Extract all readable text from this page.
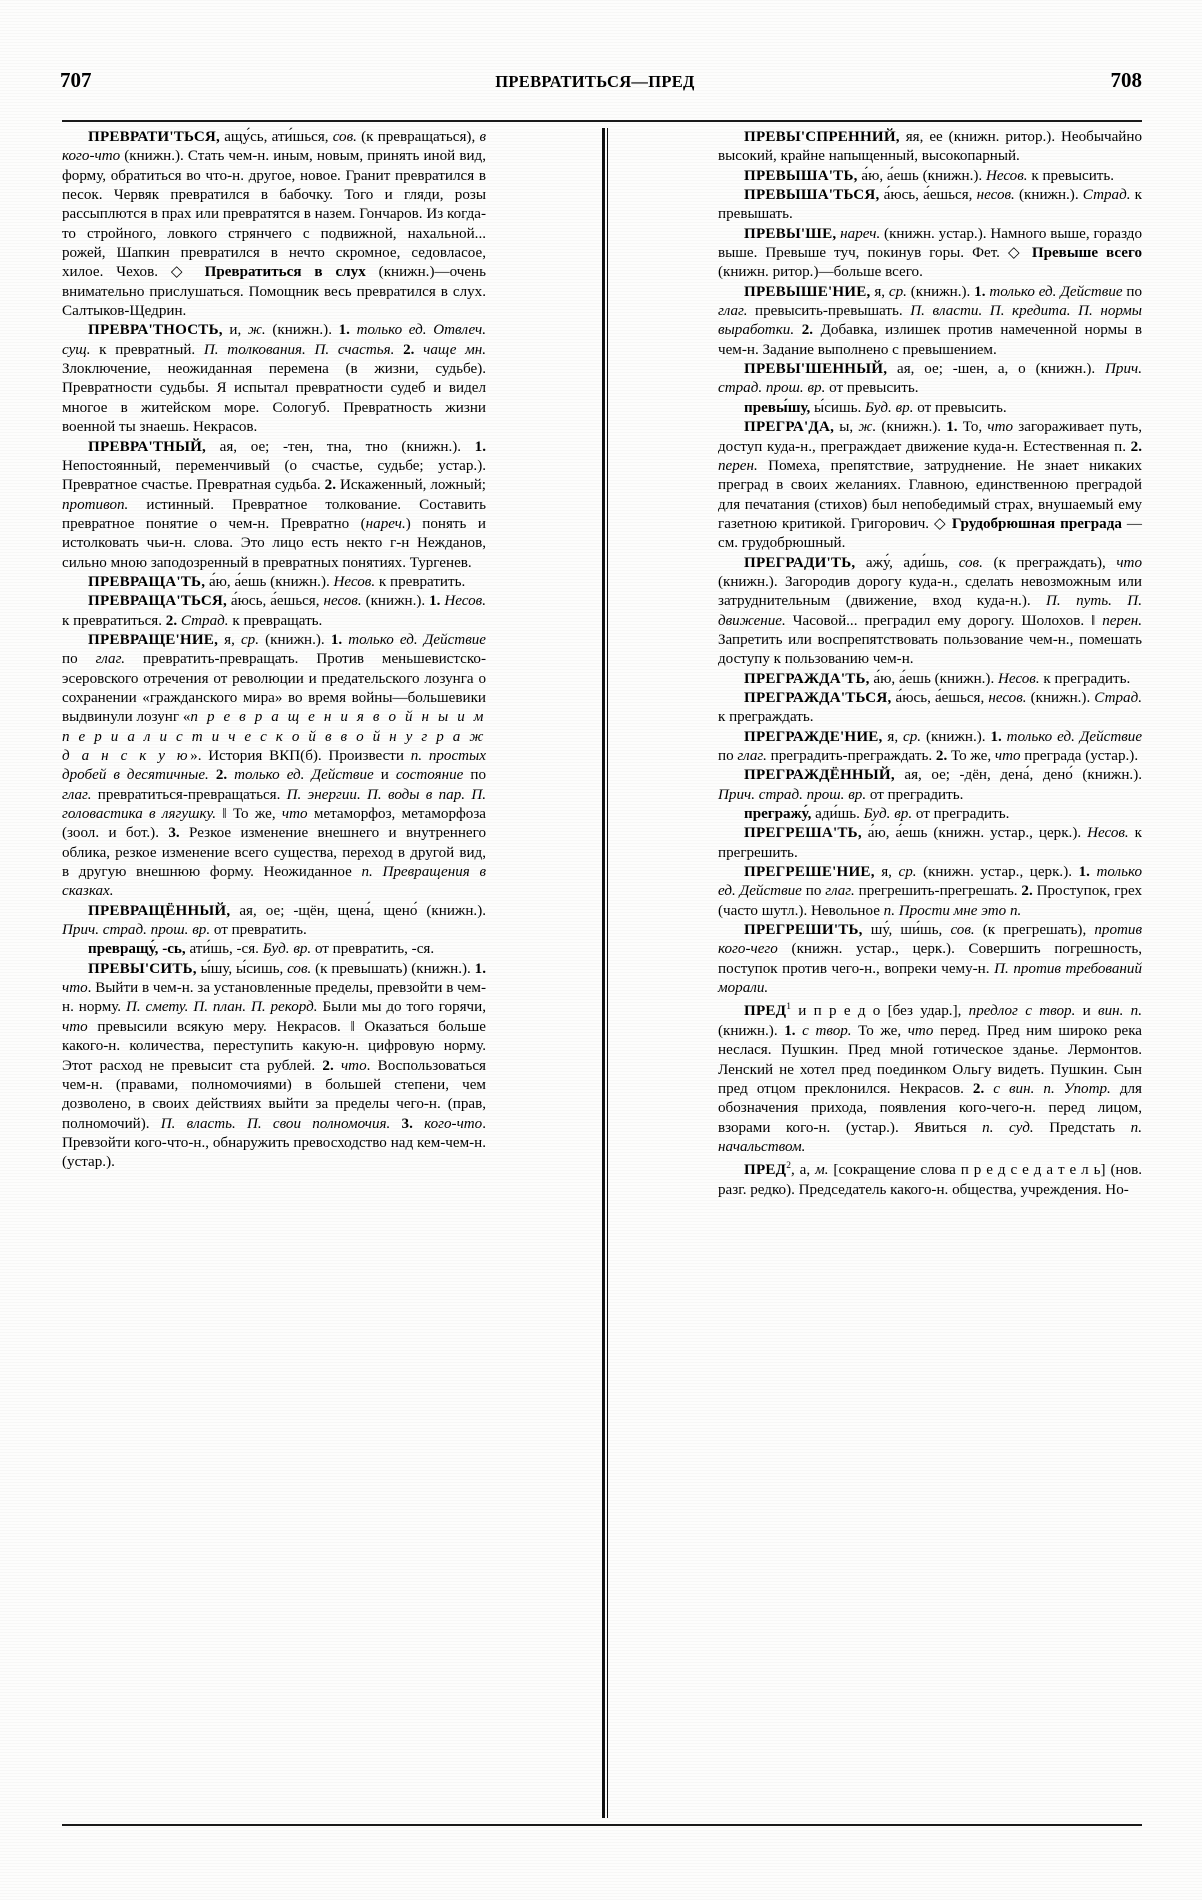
707	ПРЕВРАТИТЬСЯ—ПРЕД	708

ПРЕВРАТИ'ТЬСЯ, ащу́сь, ати́шься, сов. (к превращаться), в кого-что (книжн.). Стать чем-н. иным, новым, принять иной вид, форму, обратиться во что-н. другое, новое. Гранит превратился в песок. Червяк превратился в бабочку. Того и гляди, розы рассыплются в прах или превратятся в назем. Гончаров. Из когда-то стройного, ловкого стрянчего с подвижной, нахальной... рожей, Шапкин превратился в нечто скромное, седовласое, хилое. Чехов. ◇ Превратиться в слух (книжн.)—очень внимательно прислушаться. Помощник весь превратился в слух. Салтыков-Щедрин.

ПРЕВРА'ТНОСТЬ, и, ж. (книжн.). 1. только ед. Отвлеч. сущ. к превратный. П. толкования. П. счастья. 2. чаще мн. Злоключение, неожиданная перемена (в жизни, судьбе). Превратности судьбы. Я испытал превратности судеб и видел многое в житейском море. Сологуб. Превратность жизни военной ты знаешь. Некрасов.

ПРЕВРА'ТНЫЙ, ая, ое; -тен, тна, тно (книжн.). 1. Непостоянный, переменчивый (о счастье, судьбе; устар.). Превратное счастье. Превратная судьба. 2. Искаженный, ложный; противоп. истинный. Превратное толкование. Составить превратное понятие о чем-н. Превратно (нареч.) понять и истолковать чьи-н. слова. Это лицо есть некто г-н Нежданов, сильно мною заподозренный в превратных понятиях. Тургенев.

ПРЕВРАЩА'ТЬ, а́ю, а́ешь (книжн.). Несов. к превратить.

ПРЕВРАЩА'ТЬСЯ, а́юсь, а́ешься, несов. (книжн.). 1. Несов. к превратиться. 2. Страд. к превращать.

ПРЕВРАЩЕ'НИЕ, я, ср. (книжн.). 1. только ед. Действие по глаг. превратить-превращать. Против меньшевистско-эсеровского отречения от революции и предательского лозунга о сохранении «гражданского мира» во время войны—большевики выдвинули лозунг «п р е в р а щ е н и я в о й н ы и м п е р и а л и с т и ч е с к о й в в о й н у г р а ж д а н с к у ю». История ВКП(б). Произвести п. простых дробей в десятичные. 2. только ед. Действие и состояние по глаг. превратиться-превращаться. П. энергии. П. воды в пар. П. головастика в лягушку. ‖ То же, что метаморфоз, метаморфоза (зоол. и бот.). 3. Резкое изменение внешнего и внутреннего облика, резкое изменение всего существа, переход в другой вид, в другую внешнюю форму. Неожиданное п. Превращения в сказках.

ПРЕВРАЩЁННЫЙ, ая, ое; -щён, щена́, щено́ (книжн.). Прич. страд. прош. вр. от превратить.

превращу́, -сь, ати́шь, -ся. Буд. вр. от превратить, -ся.

ПРЕВЫ'СИТЬ, ы́шу, ы́сишь, сов. (к превышать) (книжн.). 1. что. Выйти в чем-н. за установленные пределы, превзойти в чем-н. норму. П. смету. П. план. П. рекорд. Были мы до того горячи, что превысили всякую меру. Некрасов. ‖ Оказаться больше какого-н. количества, переступить какую-н. цифровую норму. Этот расход не превысит ста рублей. 2. что. Воспользоваться чем-н. (правами, полномочиями) в большей степени, чем дозволено, в своих действиях выйти за пределы чего-н. (прав, полномочий). П. власть. П. свои полномочия. 3. кого-что. Превзойти кого-что-н., обнаружить превосходство над кем-чем-н. (устар.).

ПРЕВЫ'СПРЕННИЙ, яя, ее (книжн. ритор.). Необычайно высокий, крайне напыщенный, высокопарный.

ПРЕВЫША'ТЬ, а́ю, а́ешь (книжн.). Несов. к превысить.

ПРЕВЫША'ТЬСЯ, а́юсь, а́ешься, несов. (книжн.). Страд. к превышать.

ПРЕВЫ'ШЕ, нареч. (книжн. устар.). Намного выше, гораздо выше. Превыше туч, покинув горы. Фет. ◇ Превыше всего (книжн. ритор.)—больше всего.

ПРЕВЫШЕ'НИЕ, я, ср. (книжн.). 1. только ед. Действие по глаг. превысить-превышать. П. власти. П. кредита. П. нормы выработки. 2. Добавка, излишек против намеченной нормы в чем-н. Задание выполнено с превышением.

ПРЕВЫ'ШЕННЫЙ, ая, ое; -шен, а, о (книжн.). Прич. страд. прош. вр. от превысить.

превы́шу, ы́сишь. Буд. вр. от превысить.

ПРЕГРА'ДА, ы, ж. (книжн.). 1. То, что загораживает путь, доступ куда-н., преграждает движение куда-н. Естественная п. 2. перен. Помеха, препятствие, затруднение. Не знает никаких преград в своих желаниях. Главною, единственною преградой для печатания (стихов) был непобедимый страх, внушаемый ему газетною критикой. Григорович. ◇ Грудобрюшная преграда —см. грудобрюшный.

ПРЕГРАДИ'ТЬ, ажу́, ади́шь, сов. (к преграждать), что (книжн.). Загородив дорогу куда-н., сделать невозможным или затруднительным (движение, вход куда-н.). П. путь. П. движение. Часовой... преградил ему дорогу. Шолохов. ‖ перен. Запретить или воспрепятствовать пользование чем-н., помешать доступу к пользованию чем-н.

ПРЕГРАЖДА'ТЬ, а́ю, а́ешь (книжн.). Несов. к преградить.

ПРЕГРАЖДА'ТЬСЯ, а́юсь, а́ешься, несов. (книжн.). Страд. к преграждать.

ПРЕГРАЖДЕ'НИЕ, я, ср. (книжн.). 1. только ед. Действие по глаг. преградить-преграждать. 2. То же, что преграда (устар.).

ПРЕГРАЖДЁННЫЙ, ая, ое; -дён, дена́, дено́ (книжн.). Прич. страд. прош. вр. от преградить.

прегражу́, ади́шь. Буд. вр. от преградить.

ПРЕГРЕША'ТЬ, а́ю, а́ешь (книжн. устар., церк.). Несов. к прегрешить.

ПРЕГРЕШЕ'НИЕ, я, ср. (книжн. устар., церк.). 1. только ед. Действие по глаг. прегрешить-прегрешать. 2. Проступок, грех (часто шутл.). Невольное п. Прости мне это п.

ПРЕГРЕШИ'ТЬ, шу́, ши́шь, сов. (к прегрешать), против кого-чего (книжн. устар., церк.). Совершить погрешность, поступок против чего-н., вопреки чему-н. П. против требований морали.

ПРЕД$^1$ и п р е д о [без удар.], предлог с твор. и вин. п. (книжн.). 1. с твор. То же, что перед. Пред ним широко река неслася. Пушкин. Пред мной готическое зданье. Лермонтов. Ленский не хотел пред поединком Ольгу видеть. Пушкин. Сын пред отцом преклонился. Некрасов. 2. с вин. п. Употр. для обозначения прихода, появления кого-чего-н. перед лицом, взорами кого-н. (устар.). Явиться п. суд. Предстать п. начальством.

ПРЕД$^2$, а, м. [сокращение слова п р е д с е д а т е л ь] (нов. разг. редко). Председатель какого-н. общества, учреждения. Но-
